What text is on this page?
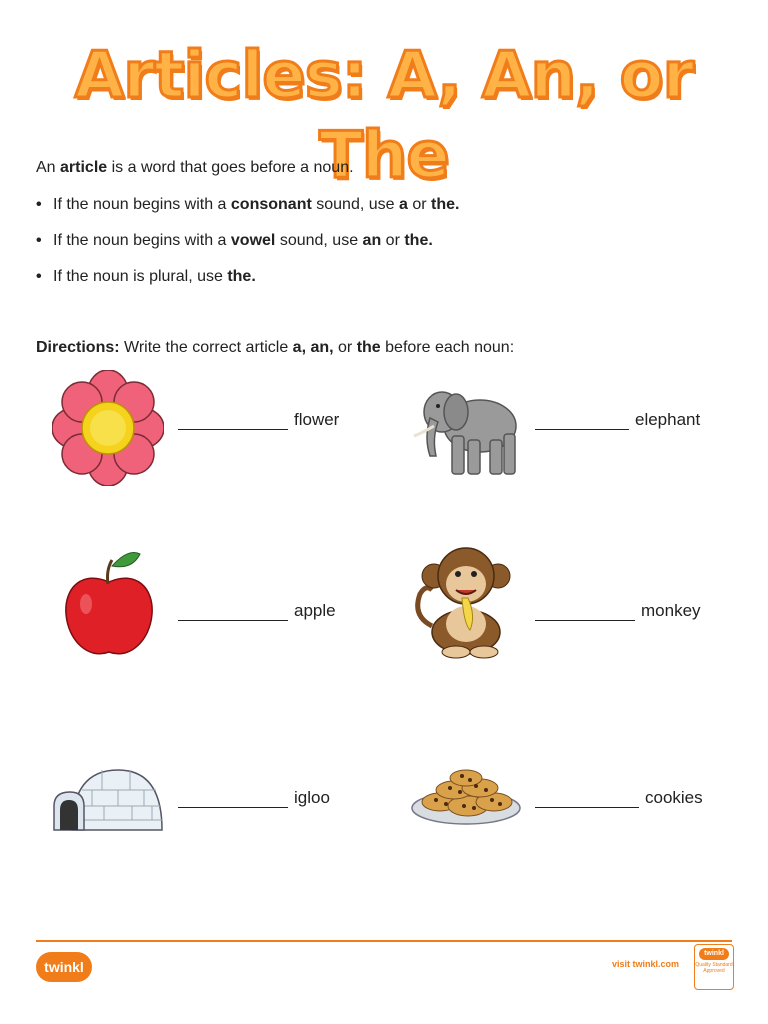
Articles: A, An, or The
An article is a word that goes before a noun.
• If the noun begins with a consonant sound, use a or the.
• If the noun begins with a vowel sound, use an or the.
• If the noun is plural, use the.
Directions: Write the correct article a, an, or the before each noun:
flower	elephant
apple	monkey
igloo	cookies
twinkl	visit twinkl.com
twinkl
Quality Standard
Approved
